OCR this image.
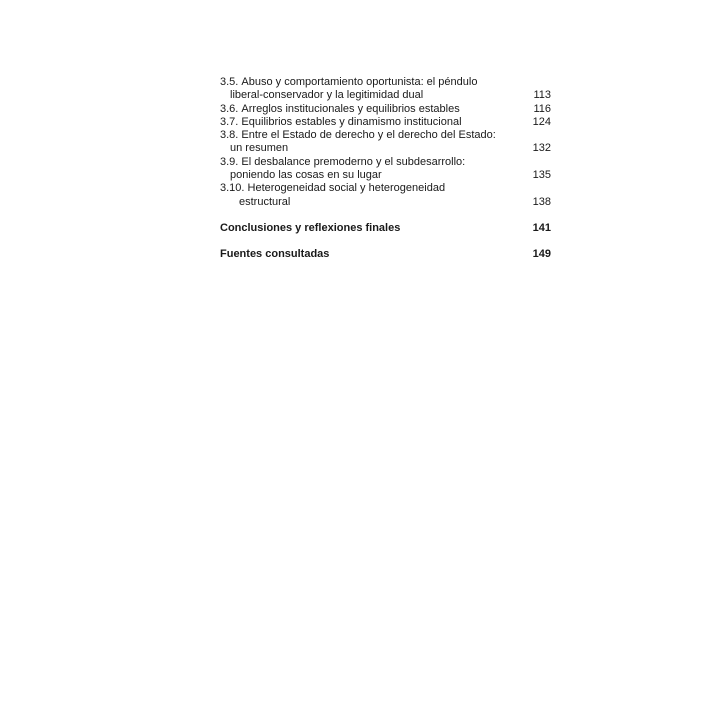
3.5.
Abuso y comportamiento oportunista: el péndulo
liberal-conservador y la legitimidad dual	113
3.6.
Arreglos institucionales y equilibrios estables	116
3.7.
Equilibrios estables y dinamismo institucional	124
3.8.
Entre el Estado de derecho y el derecho del Estado:
un resumen	132
3.9.
El desbalance premoderno y el subdesarrollo:
poniendo las cosas en su lugar	135
3.10.
Heterogeneidad social y heterogeneidad
estructural	138
Conclusiones y reflexiones finales	141
Fuentes consultadas	149
